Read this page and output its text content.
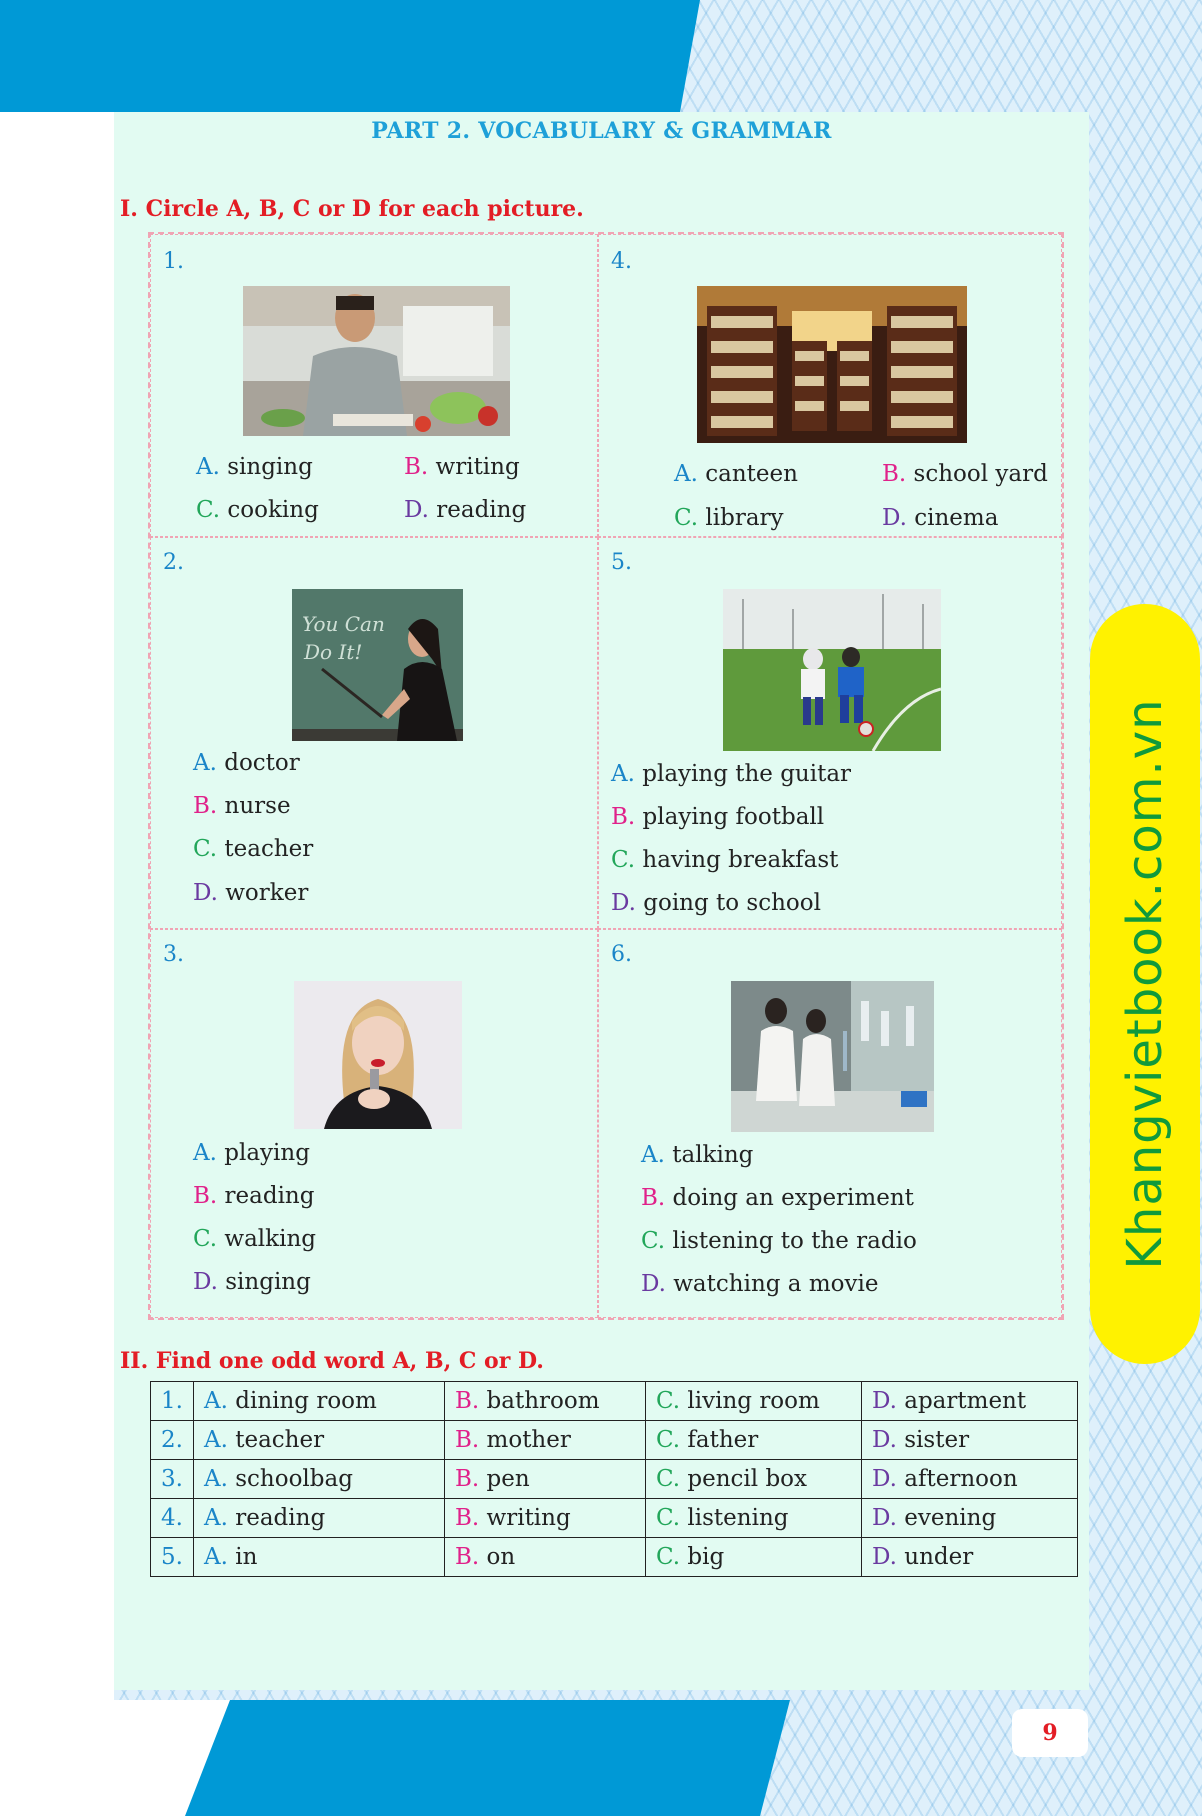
PART 2. VOCABULARY & GRAMMAR
I. Circle A, B, C or D for each picture.
1.
A. singing	B. writing
C. cooking	D. reading
4.
A. canteen	B. school yard
C. library	D. cinema
2.
You Can
Do It!
A. doctor
B. nurse
C. teacher
D. worker
5.
A. playing the guitar
B. playing football
C. having breakfast
D. going to school
3.
A. playing
B. reading
C. walking
D. singing
6.
A. talking
B. doing an experiment
C. listening to the radio
D. watching a movie
II. Find one odd word A, B, C or D.
1.	A. dining room	B. bathroom	C. living room	D. apartment
2.	A. teacher	B. mother	C. father	D. sister
3.	A. schoolbag	B. pen	C. pencil box	D. afternoon
4.	A. reading	B. writing	C. listening	D. evening
5.	A. in	B. on	C. big	D. under
Khangvietbook.com.vn
9
